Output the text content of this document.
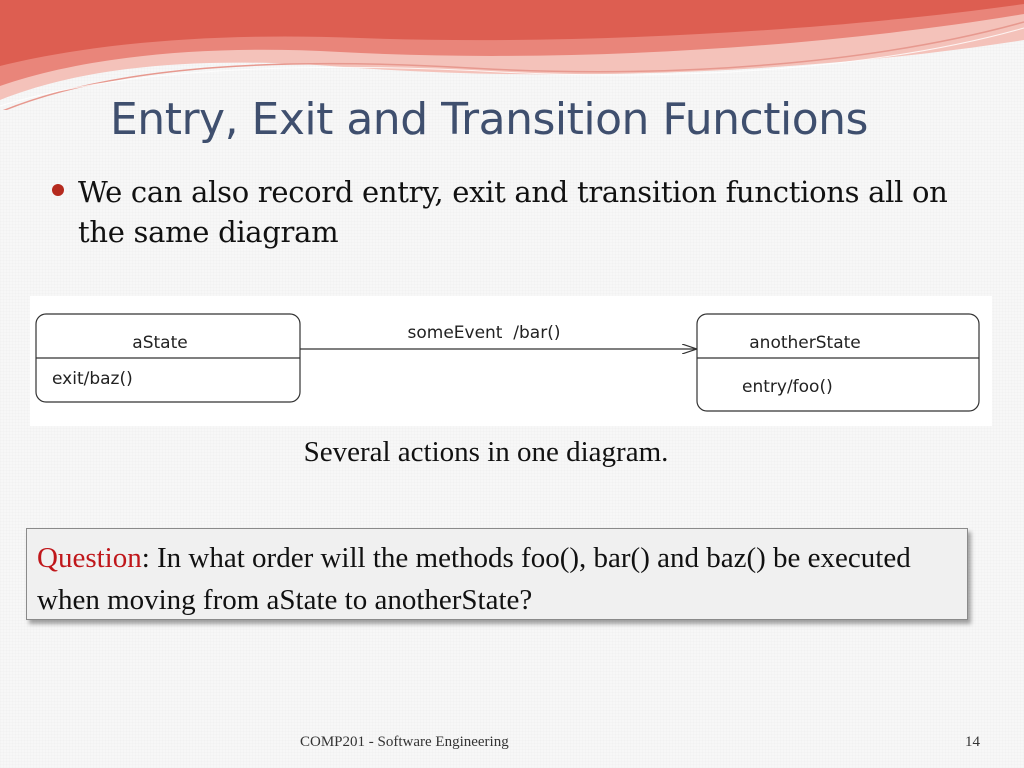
Entry, Exit and Transition Functions
We can also record entry, exit and transition functions all on the same diagram
aState
exit/baz()
someEvent  /bar()	anotherState
entry/foo()
Several actions in one diagram.
Question: In what order will the methods foo(), bar() and baz() be executed when moving from aState to anotherState?
COMP201 - Software Engineering	14
